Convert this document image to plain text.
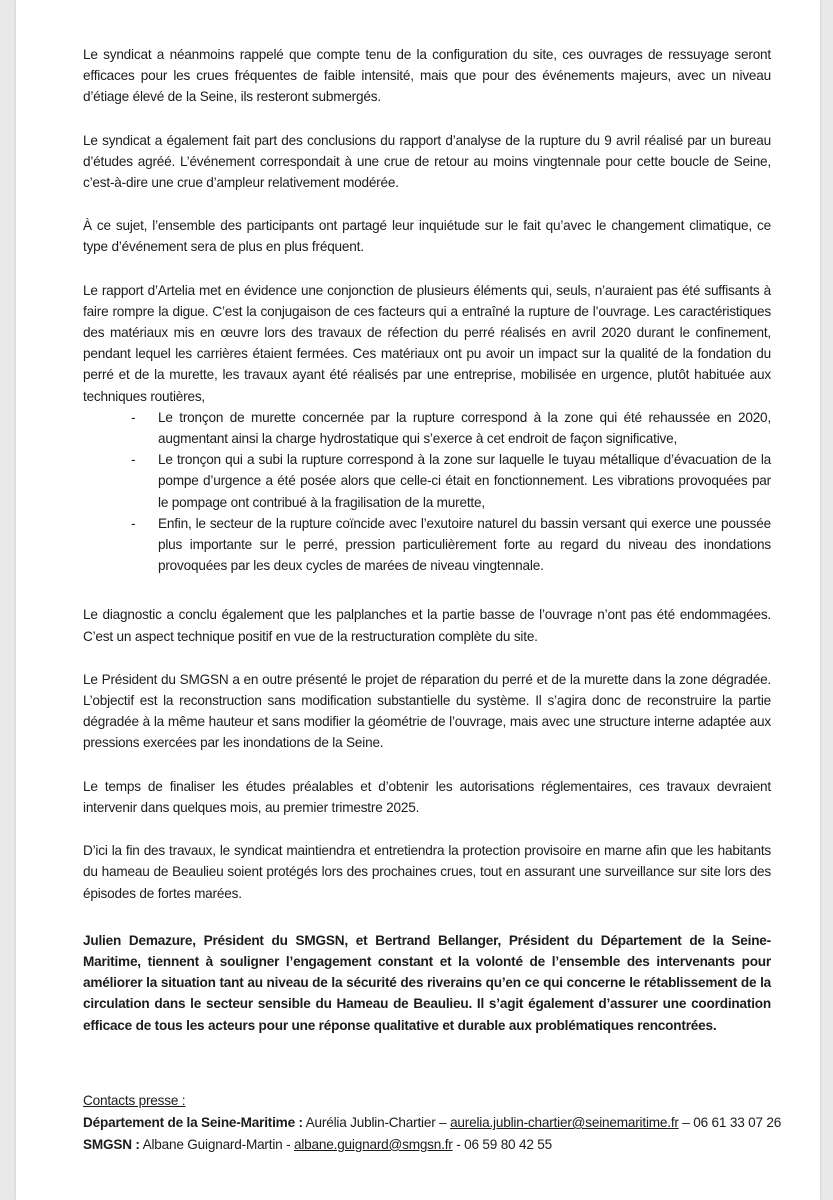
Le syndicat a néanmoins rappelé que compte tenu de la configuration du site, ces ouvrages de ressuyage seront efficaces pour les crues fréquentes de faible intensité, mais que pour des événements majeurs, avec un niveau d’étiage élevé de la Seine, ils resteront submergés.

Le syndicat a également fait part des conclusions du rapport d’analyse de la rupture du 9 avril réalisé par un bureau d’études agréé. L’événement correspondait à une crue de retour au moins vingtennale pour cette boucle de Seine, c’est-à-dire une crue d’ampleur relativement modérée.

À ce sujet, l’ensemble des participants ont partagé leur inquiétude sur le fait qu’avec le changement climatique, ce type d’événement sera de plus en plus fréquent.

Le rapport d’Artelia met en évidence une conjonction de plusieurs éléments qui, seuls, n’auraient pas été suffisants à faire rompre la digue. C’est la conjugaison de ces facteurs qui a entraîné la rupture de l’ouvrage. Les caractéristiques des matériaux mis en œuvre lors des travaux de réfection du perré réalisés en avril 2020 durant le confinement, pendant lequel les carrières étaient fermées. Ces matériaux ont pu avoir un impact sur la qualité de la fondation du perré et de la murette, les travaux ayant été réalisés par une entreprise, mobilisée en urgence, plutôt habituée aux techniques routières,

- Le tronçon de murette concernée par la rupture correspond à la zone qui été rehaussée en 2020, augmentant ainsi la charge hydrostatique qui s’exerce à cet endroit de façon significative,
- Le tronçon qui a subi la rupture correspond à la zone sur laquelle le tuyau métallique d’évacuation de la pompe d’urgence a été posée alors que celle-ci était en fonctionnement. Les vibrations provoquées par le pompage ont contribué à la fragilisation de la murette,
- Enfin, le secteur de la rupture coïncide avec l’exutoire naturel du bassin versant qui exerce une poussée plus importante sur le perré, pression particulièrement forte au regard du niveau des inondations provoquées par les deux cycles de marées de niveau vingtennale.

Le diagnostic a conclu également que les palplanches et la partie basse de l’ouvrage n’ont pas été endommagées. C’est un aspect technique positif en vue de la restructuration complète du site.

Le Président du SMGSN a en outre présenté le projet de réparation du perré et de la murette dans la zone dégradée. L’objectif est la reconstruction sans modification substantielle du système. Il s’agira donc de reconstruire la partie dégradée à la même hauteur et sans modifier la géométrie de l’ouvrage, mais avec une structure interne adaptée aux pressions exercées par les inondations de la Seine.

Le temps de finaliser les études préalables et d’obtenir les autorisations réglementaires, ces travaux devraient intervenir dans quelques mois, au premier trimestre 2025.

D’ici la fin des travaux, le syndicat maintiendra et entretiendra la protection provisoire en marne afin que les habitants du hameau de Beaulieu soient protégés lors des prochaines crues, tout en assurant une surveillance sur site lors des épisodes de fortes marées.

Julien Demazure, Président du SMGSN, et Bertrand Bellanger, Président du Département de la Seine-Maritime, tiennent à souligner l’engagement constant et la volonté de l’ensemble des intervenants pour améliorer la situation tant au niveau de la sécurité des riverains qu’en ce qui concerne le rétablissement de la circulation dans le secteur sensible du Hameau de Beaulieu. Il s’agit également d’assurer une coordination efficace de tous les acteurs pour une réponse qualitative et durable aux problématiques rencontrées.

Contacts presse :
Département de la Seine-Maritime : Aurélia Jublin-Chartier – aurelia.jublin-chartier@seinemaritime.fr – 06 61 33 07 26
SMGSN : Albane Guignard-Martin - albane.guignard@smgsn.fr - 06 59 80 42 55
